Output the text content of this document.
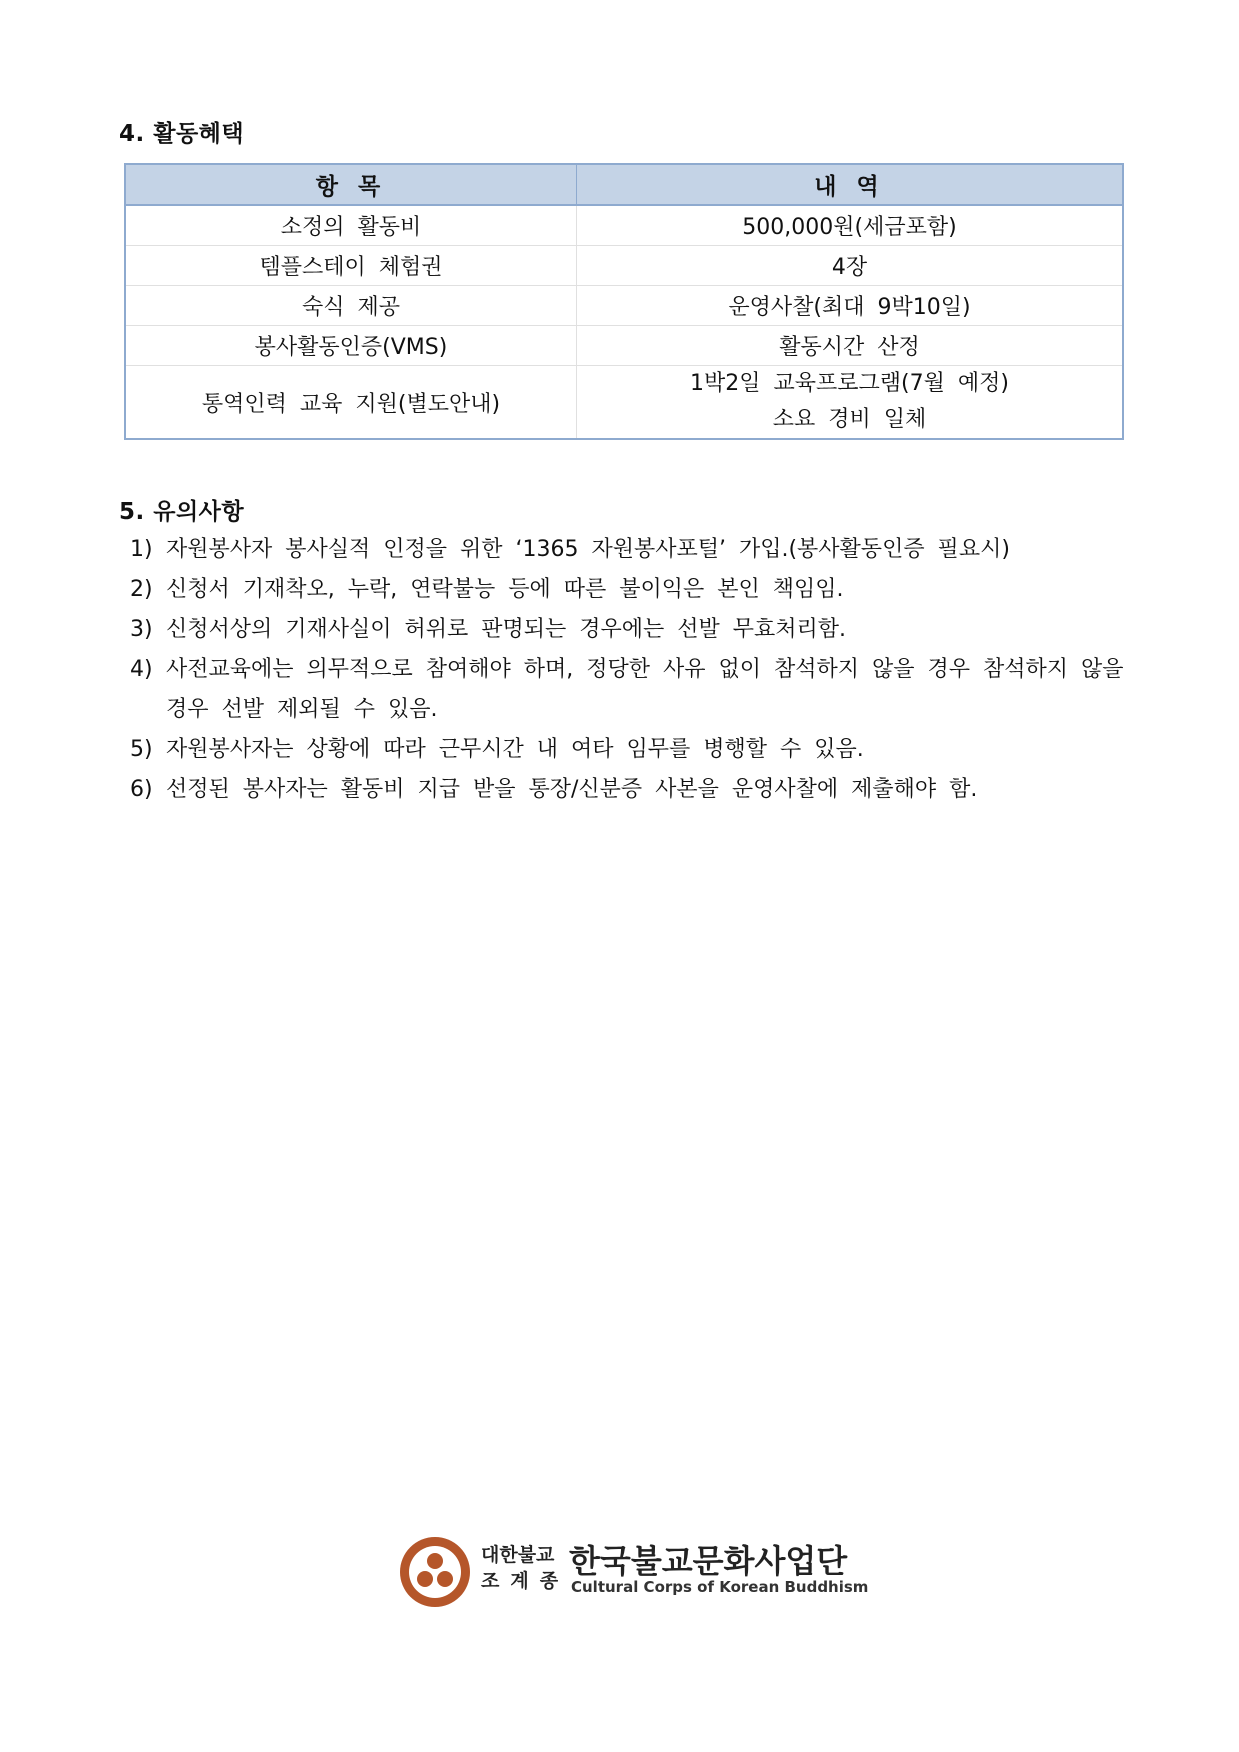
4. 활동혜택
항 목	내 역
소정의 활동비	500,000원(세금포함)
템플스테이 체험권	4장
숙식 제공	운영사찰(최대 9박10일)
봉사활동인증(VMS)	활동시간 산정
통역인력 교육 지원(별도안내)	1박2일 교육프로그램(7월 예정)
소요 경비 일체
5. 유의사항
1) 자원봉사자 봉사실적 인정을 위한 ‘1365 자원봉사포털’ 가입.(봉사활동인증 필요시)
2) 신청서 기재착오, 누락, 연락불능 등에 따른 불이익은 본인 책임임.
3) 신청서상의 기재사실이 허위로 판명되는 경우에는 선발 무효처리함.
4) 사전교육에는 의무적으로 참여해야 하며, 정당한 사유 없이 참석하지 않을 경우 참석하지 않을 경우 선발 제외될 수 있음.
5) 자원봉사자는 상황에 따라 근무시간 내 여타 임무를 병행할 수 있음.
6) 선정된 봉사자는 활동비 지급 받을 통장/신분증 사본을 운영사찰에 제출해야 함.
대한불교
조계종
한국불교문화사업단
Cultural Corps of Korean Buddhism
